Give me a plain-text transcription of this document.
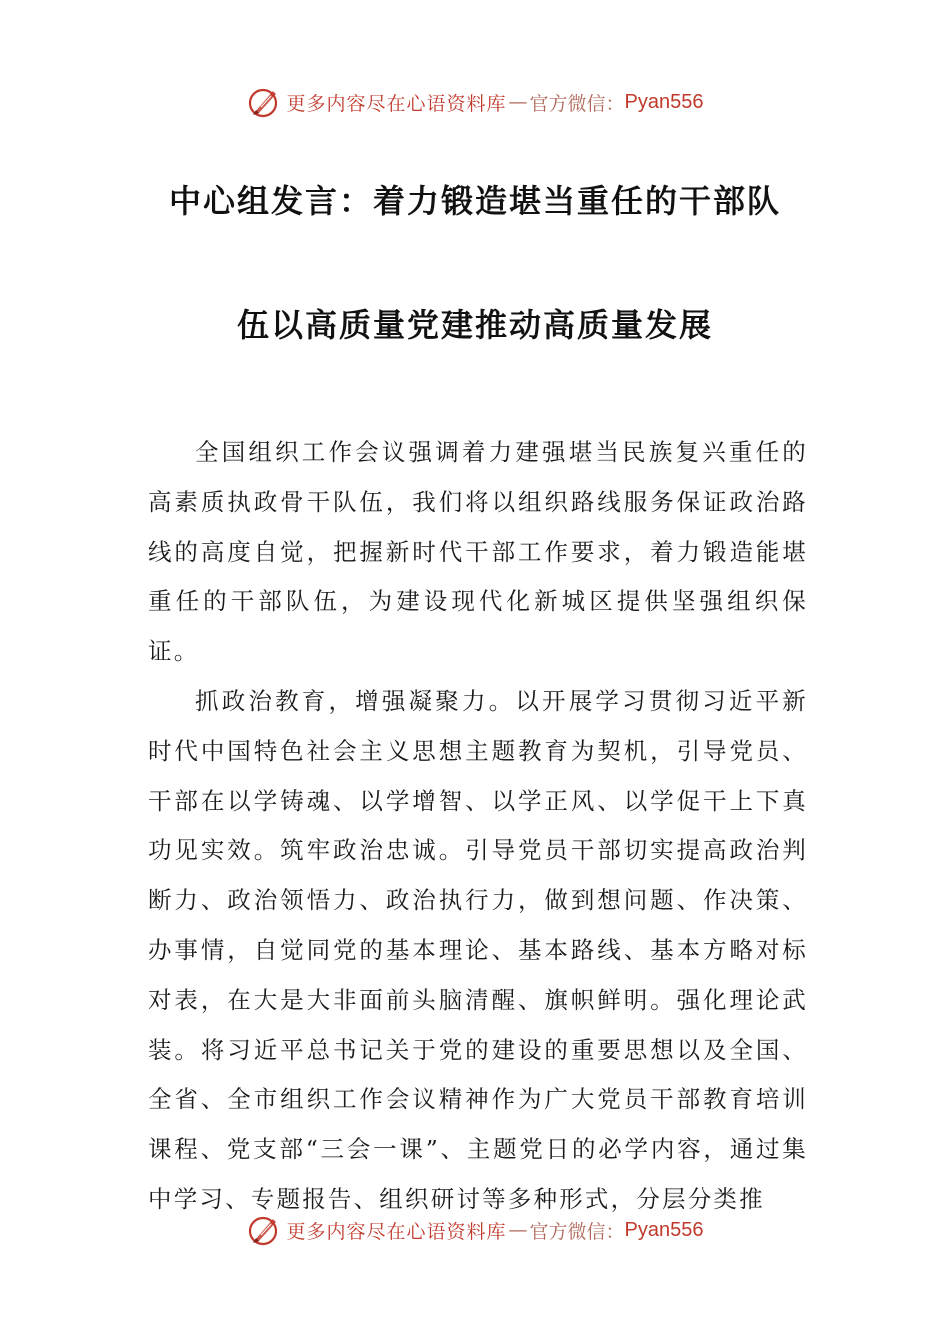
更多内容尽在心语资料库 — 官方微信： Pyan556
中心组发言：着力锻造堪当重任的干部队
伍以高质量党建推动高质量发展

全国组织工作会议强调着力建强堪当民族复兴重任的高素质执政骨干队伍，我们将以组织路线服务保证政治路线的高度自觉，把握新时代干部工作要求，着力锻造能堪重任的干部队伍，为建设现代化新城区提供坚强组织保证。

抓政治教育，增强凝聚力。以开展学习贯彻习近平新时代中国特色社会主义思想主题教育为契机，引导党员、干部在以学铸魂、以学增智、以学正风、以学促干上下真功见实效。筑牢政治忠诚。引导党员干部切实提高政治判断力、政治领悟力、政治执行力，做到想问题、作决策、办事情，自觉同党的基本理论、基本路线、基本方略对标对表，在大是大非面前头脑清醒、旗帜鲜明。强化理论武装。将习近平总书记关于党的建设的重要思想以及全国、全省、全市组织工作会议精神作为广大党员干部教育培训课程、党支部“三会一课”、主题党日的必学内容，通过集中学习、专题报告、组织研讨等多种形式，分层分类推

更多内容尽在心语资料库 — 官方微信： Pyan556
